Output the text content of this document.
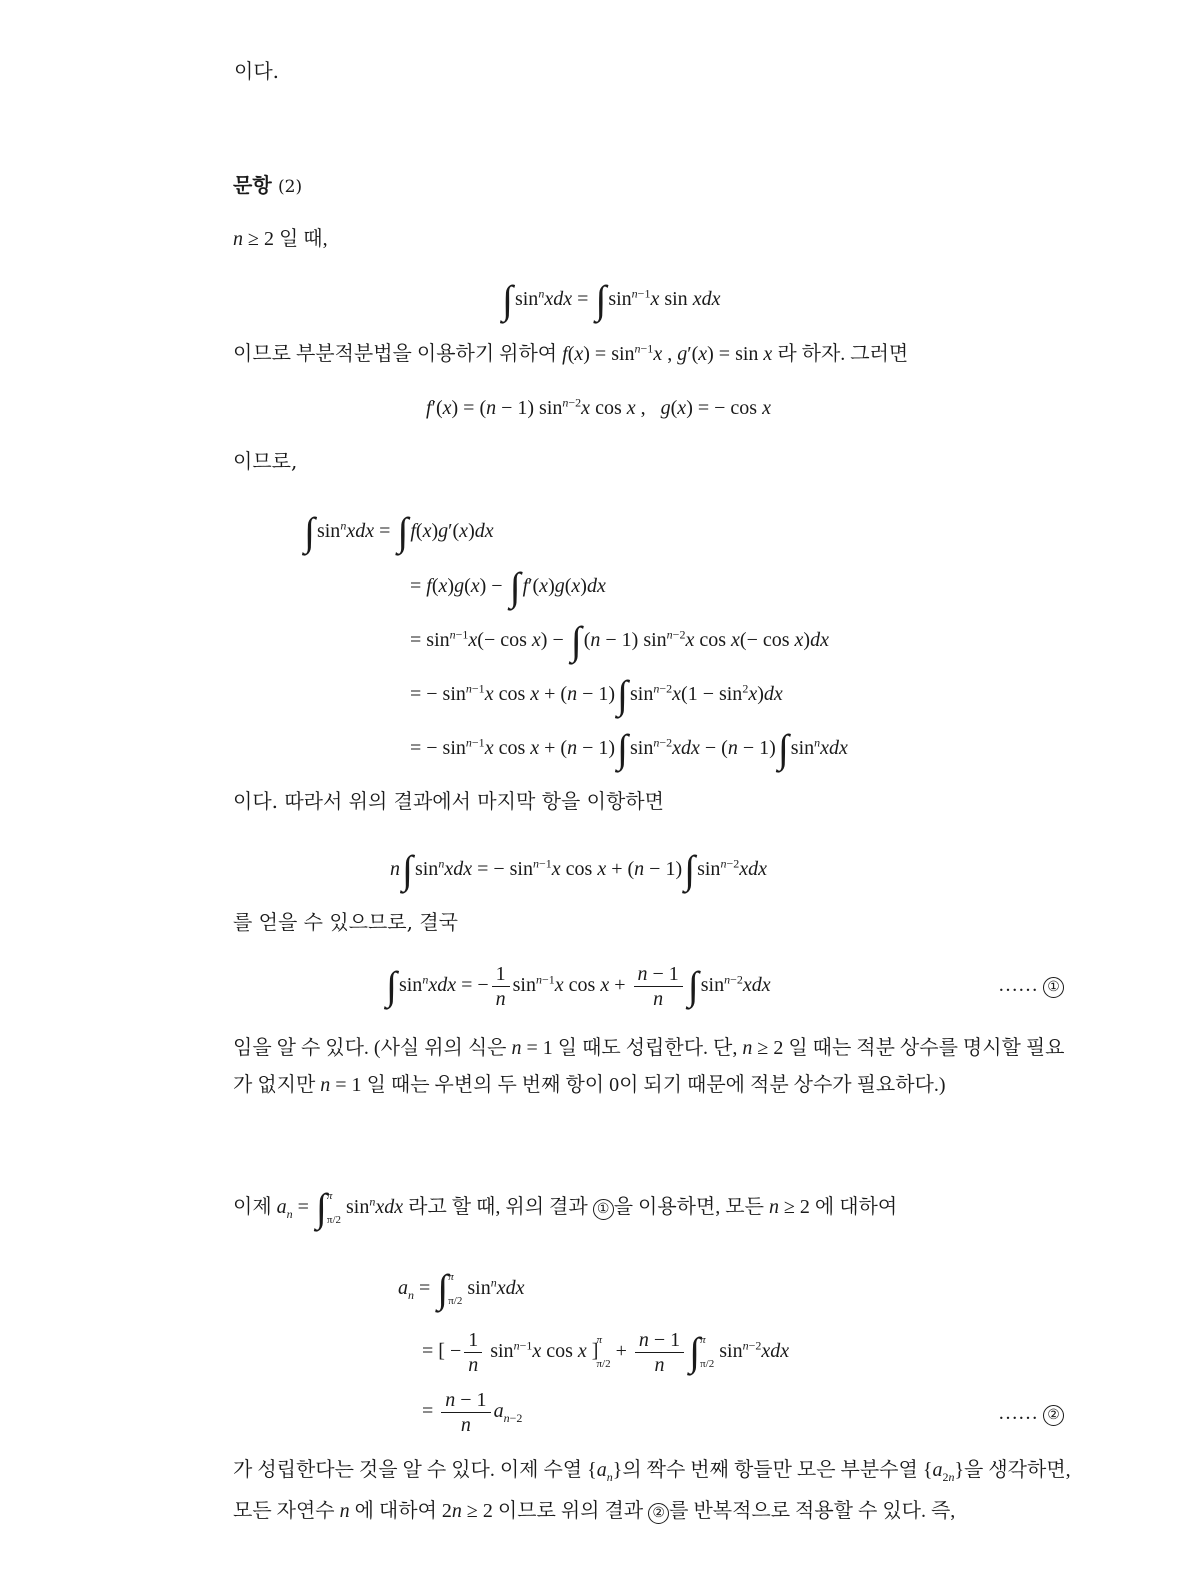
이다.
문항 (2)
n ≥ 2 일 때,
∫ $\sin^nxdx$ = ∫ $\sin^{n-1}x$ sin xdx
이므로 부분적분법을 이용하기 위하여 $f(x) = \sin^{n-1}x$ , g′(x) = sin x 라 하자. 그러면
f′(x) = (n − 1) $\sin^{n-2}x$ cos x ,   g(x) = − cos x
이므로,
∫ $\sin^nxdx$ = ∫ f(x)g′(x)dx
= f(x)g(x) − ∫ f′(x)g(x)dx
= $\sin^{n-1}x(- \cos x)$ − ∫ (n − 1) $\sin^{n-2}x$ cos x(− cos x)dx
= − $\sin^{n-1}x$ cos x + (n − 1)∫ $\sin^{n-2}x(1 - \sin^2x)dx$
= − $\sin^{n-1}x$ cos x + (n − 1)∫ $\sin^{n-2}xdx - (n - 1)\int$ $\sin^nxdx$
이다. 따라서 위의 결과에서 마지막 항을 이항하면
n∫ $\sin^nxdx$ = − $\sin^{n-1}x$ cos x + (n − 1)∫ $\sin^{n-2}xdx$
를 얻을 수 있으므로, 결국
∫ $\sin^nxdx$ = − $\frac{1}{n} \sin^{n-1}x$ $\cos x + \frac{n - 1}{n}$ ∫ $\sin^{n-2}xdx$	…… ①
임을 알 수 있다. (사실 위의 식은 n = 1 일 때도 성립한다. 단, n ≥ 2 일 때는 적분 상수를 명시할 필요
가 없지만 n = 1 일 때는 우변의 두 번째 항이 0이 되기 때문에 적분 상수가 필요하다.)
이제 $a_n = \int\pi$

π/2 $\sin^nxdx$ 라고 할 때, 위의 결과 ① 을 이용하면, 모든 n ≥ 2 에 대하여
$a_n = \int\pi$

π/2 $\sin^nxdx$
= [ − $\frac{1}{n} \sin^{n-1}x$ cos x ]π

$\pi/2 + \frac{n - 1}{n} \int\pi$

π/2 $\sin^{n-2}xdx$
= $\frac{n - 1}{n} a_{n-2}$	…… ②
가 성립한다는 것을 알 수 있다. 이제 수열 $\{a_n\}$의 짝수 번째 항들만 모은 부분수열 $\{a_{2n}\}$을 생각하면,
모든 자연수 n 에 대하여 2n ≥ 2 이므로 위의 결과 ② 를 반복적으로 적용할 수 있다. 즉,
